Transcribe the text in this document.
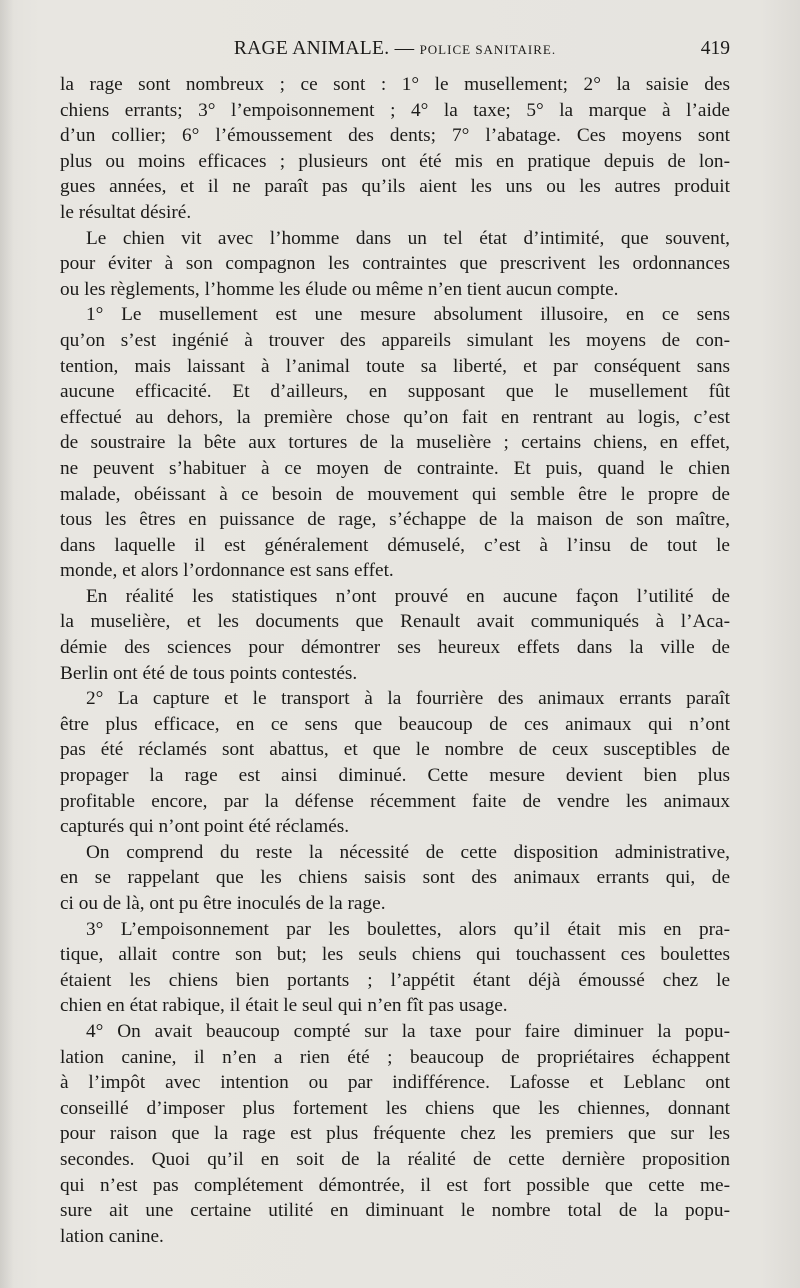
RAGE ANIMALE. — POLICE SANITAIRE.	419
la rage sont nombreux ; ce sont : 1° le musellement; 2° la saisie des
chiens errants; 3° l’empoisonnement ; 4° la taxe; 5° la marque à l’aide
d’un collier; 6° l’émoussement des dents; 7° l’abatage. Ces moyens sont
plus ou moins efficaces ; plusieurs ont été mis en pratique depuis de lon-
gues années, et il ne paraît pas qu’ils aient les uns ou les autres produit
le résultat désiré.
Le chien vit avec l’homme dans un tel état d’intimité, que souvent,
pour éviter à son compagnon les contraintes que prescrivent les ordonnances
ou les règlements, l’homme les élude ou même n’en tient aucun compte.
1° Le musellement est une mesure absolument illusoire, en ce sens
qu’on s’est ingénié à trouver des appareils simulant les moyens de con-
tention, mais laissant à l’animal toute sa liberté, et par conséquent sans
aucune efficacité. Et d’ailleurs, en supposant que le musellement fût
effectué au dehors, la première chose qu’on fait en rentrant au logis, c’est
de soustraire la bête aux tortures de la muselière ; certains chiens, en effet,
ne peuvent s’habituer à ce moyen de contrainte. Et puis, quand le chien
malade, obéissant à ce besoin de mouvement qui semble être le propre de
tous les êtres en puissance de rage, s’échappe de la maison de son maître,
dans laquelle il est généralement démuselé, c’est à l’insu de tout le
monde, et alors l’ordonnance est sans effet.
En réalité les statistiques n’ont prouvé en aucune façon l’utilité de
la muselière, et les documents que Renault avait communiqués à l’Aca-
démie des sciences pour démontrer ses heureux effets dans la ville de
Berlin ont été de tous points contestés.
2° La capture et le transport à la fourrière des animaux errants paraît
être plus efficace, en ce sens que beaucoup de ces animaux qui n’ont
pas été réclamés sont abattus, et que le nombre de ceux susceptibles de
propager la rage est ainsi diminué. Cette mesure devient bien plus
profitable encore, par la défense récemment faite de vendre les animaux
capturés qui n’ont point été réclamés.
On comprend du reste la nécessité de cette disposition administrative,
en se rappelant que les chiens saisis sont des animaux errants qui, de
ci ou de là, ont pu être inoculés de la rage.
3° L’empoisonnement par les boulettes, alors qu’il était mis en pra-
tique, allait contre son but; les seuls chiens qui touchassent ces boulettes
étaient les chiens bien portants ; l’appétit étant déjà émoussé chez le
chien en état rabique, il était le seul qui n’en fît pas usage.
4° On avait beaucoup compté sur la taxe pour faire diminuer la popu-
lation canine, il n’en a rien été ; beaucoup de propriétaires échappent
à l’impôt avec intention ou par indifférence. Lafosse et Leblanc ont
conseillé d’imposer plus fortement les chiens que les chiennes, donnant
pour raison que la rage est plus fréquente chez les premiers que sur les
secondes. Quoi qu’il en soit de la réalité de cette dernière proposition
qui n’est pas complétement démontrée, il est fort possible que cette me-
sure ait une certaine utilité en diminuant le nombre total de la popu-
lation canine.
